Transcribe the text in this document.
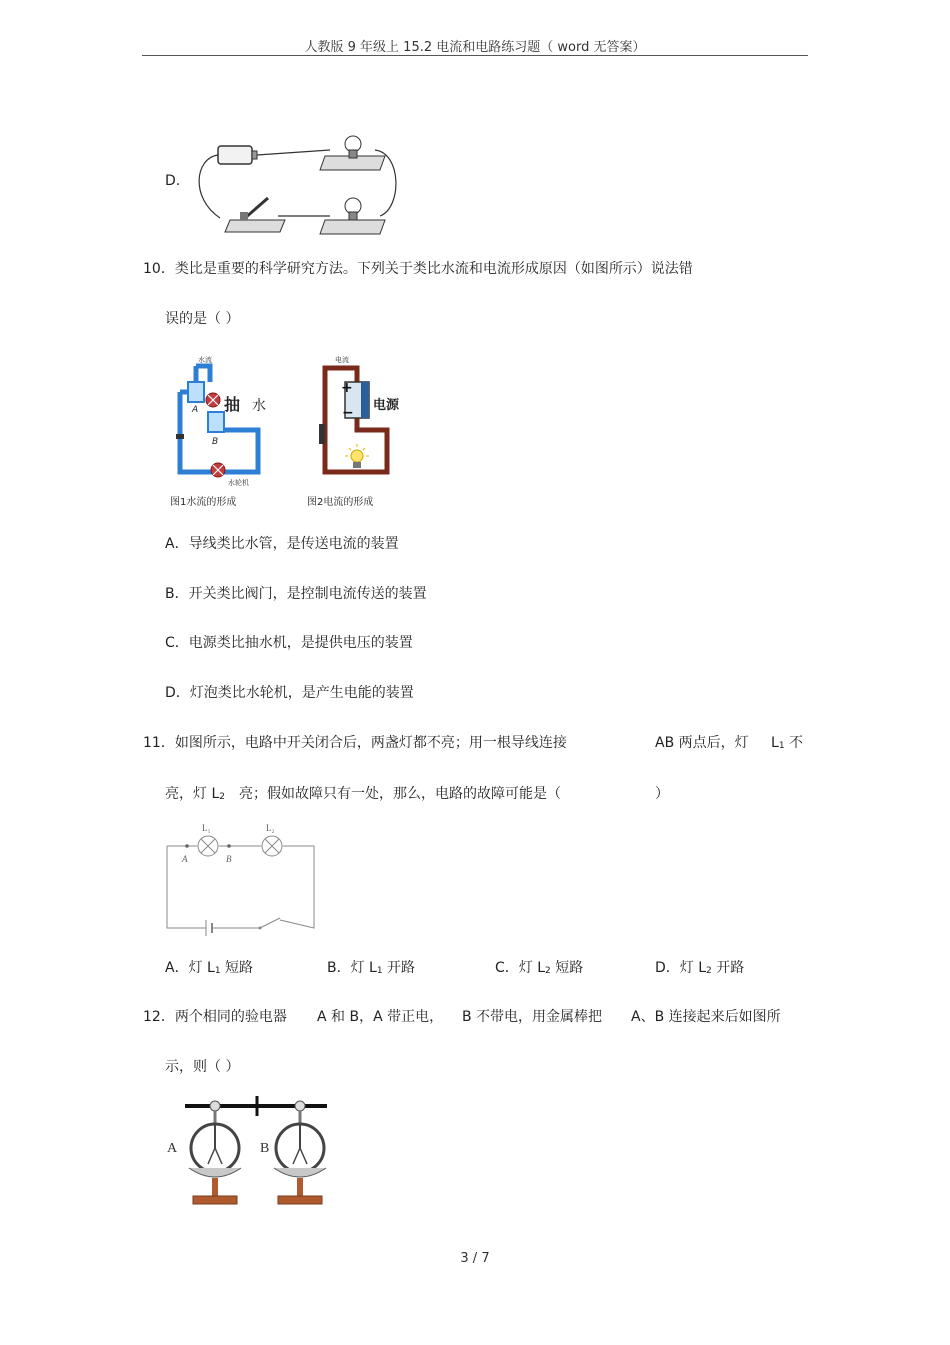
人教版 9 年级上 15.2 电流和电路练习题（ word 无答案）
D.
10．类比是重要的科学研究方法。下列关于类比水流和电流形成原因（如图所示）说法错
误的是（ ）
水流
A
B
抽 水
水轮机
图1水流的形成
电流
+
− 电源
图2电流的形成
A．导线类比水管，是传送电流的装置
B．开关类比阀门，是控制电流传送的装置
C．电源类比抽水机，是提供电压的装置
D．灯泡类比水轮机，是产生电能的装置
11．如图所示，电路中开关闭合后，两盏灯都不亮；用一根导线连接	AB 两点后，灯 $L_1$ 不
亮，灯 $L_2$ 亮；假如故障只有一处，那么，电路的故障可能是（	）
L₁	L₂
A	B
A．灯 $L_1$ 短路	B．灯 $L_1$ 开路	C．灯 $L_2$ 短路	D．灯 $L_2$ 开路
12．两个相同的验电器 A 和 B，A 带正电， B 不带电，用金属棒把 A、B 连接起来后如图所
示，则（ ）
A	B
3 / 7
